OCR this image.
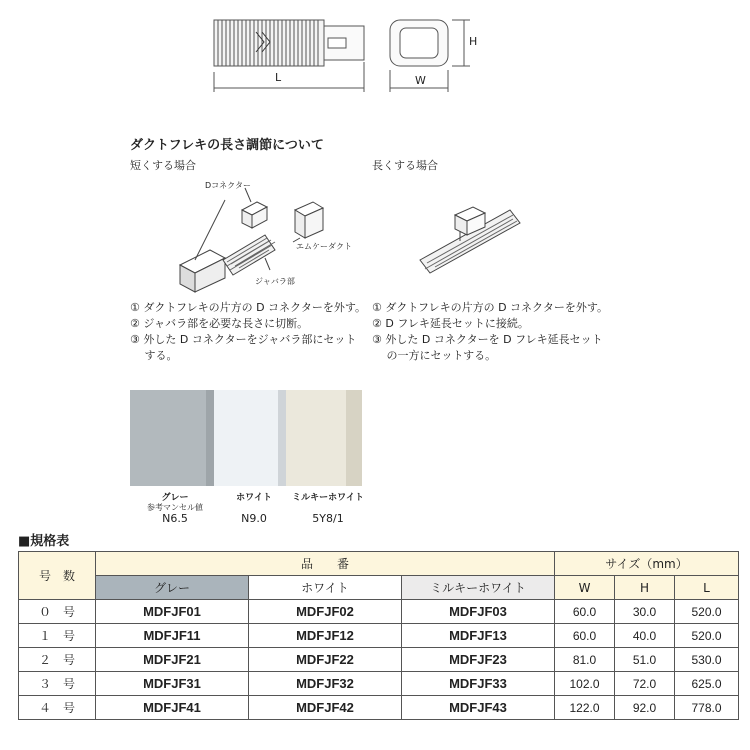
L	W
H
ダクトフレキの長さ調節について
短くする場合	長くする場合
Dコネクター
エムケーダクト
ジャバラ部
① ダクトフレキの片方の D コネクターを外す。
② ジャバラ部を必要な長さに切断。
③ 外した D コネクターをジャバラ部にセット
　 する。
① ダクトフレキの片方の D コネクターを外す。
② D フレキ延長セットに接続。
③ 外した D コネクターを D フレキ延長セット
　 の一方にセットする。
グレー
参考マンセル値
N6.5
ホワイト
N9.0
ミルキーホワイト
5Y8/1
■規格表
号　数	品　　番			サイズ（mm）		
	グレー	ホワイト	ミルキーホワイト	W	H	L
０　号	MDFJF01	MDFJF02	MDFJF03	60.0	30.0	520.0
１　号	MDFJF11	MDFJF12	MDFJF13	60.0	40.0	520.0
２　号	MDFJF21	MDFJF22	MDFJF23	81.0	51.0	530.0
３　号	MDFJF31	MDFJF32	MDFJF33	102.0	72.0	625.0
４　号	MDFJF41	MDFJF42	MDFJF43	122.0	92.0	778.0
